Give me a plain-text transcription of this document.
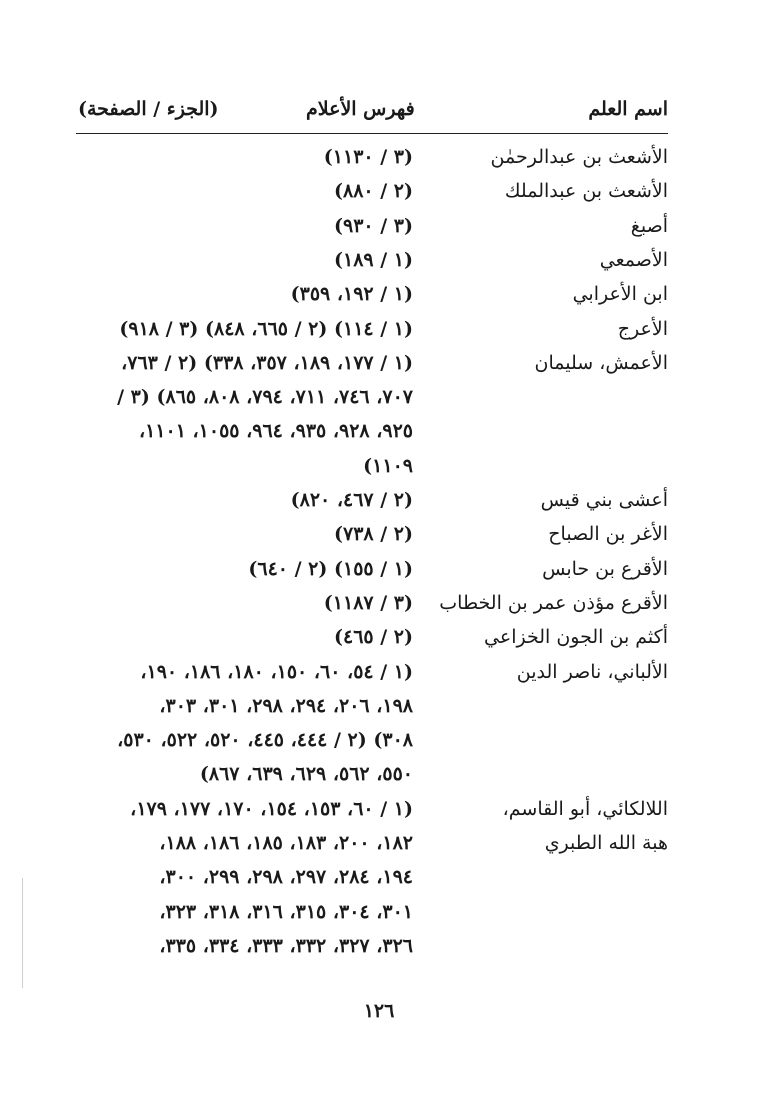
اسم العلم
فهرس الأعلام
(الجزء / الصفحة)
الأشعث بن عبدالرحمٰن
(٣ / ١١٣٠)
الأشعث بن عبدالملك
(٢ / ٨٨٠)
أصبغ
(٣ / ٩٣٠)
الأصمعي
(١ / ١٨٩)
ابن الأعرابي
(١ / ١٩٢، ٣٥٩)
الأعرج
(١ / ١١٤) (٢ / ٦٦٥، ٨٤٨) (٣ / ٩١٨)
الأعمش، سليمان
(١ / ١٧٧، ١٨٩، ٣٥٧، ٣٣٨) (٢ / ٧٦٣،
٧٠٧، ٧٤٦، ٧١١، ٧٩٤، ٨٠٨، ٨٦٥) (٣ /
٩٢٥، ٩٢٨، ٩٣٥، ٩٦٤، ١٠٥٥، ١١٠١،
١١٠٩)
أعشى بني قيس
(٢ / ٤٦٧، ٨٢٠)
الأغر بن الصباح
(٢ / ٧٣٨)
الأقرع بن حابس
(١ / ١٥٥) (٢ / ٦٤٠)
الأقرع مؤذن عمر بن الخطاب
(٣ / ١١٨٧)
أكثم بن الجون الخزاعي
(٢ / ٤٦٥)
الألباني، ناصر الدين
(١ / ٥٤، ٦٠، ١٥٠، ١٨٠، ١٨٦، ١٩٠،
١٩٨، ٢٠٦، ٢٩٤، ٢٩٨، ٣٠١، ٣٠٣،
٣٠٨) (٢ / ٤٤٤، ٤٤٥، ٥٢٠، ٥٢٢، ٥٣٠،
٥٥٠، ٥٦٢، ٦٢٩، ٦٣٩، ٨٦٧)
اللالكائي، أبو القاسم،
(١ / ٦٠، ١٥٣، ١٥٤، ١٧٠، ١٧٧، ١٧٩،
هبة الله الطبري
١٨٢، ٢٠٠، ١٨٣، ١٨٥، ١٨٦، ١٨٨،
١٩٤، ٢٨٤، ٢٩٧، ٢٩٨، ٢٩٩، ٣٠٠،
٣٠١، ٣٠٤، ٣١٥، ٣١٦، ٣١٨، ٣٢٣،
٣٢٦، ٣٢٧، ٣٣٢، ٣٣٣، ٣٣٤، ٣٣٥،
١٢٦
